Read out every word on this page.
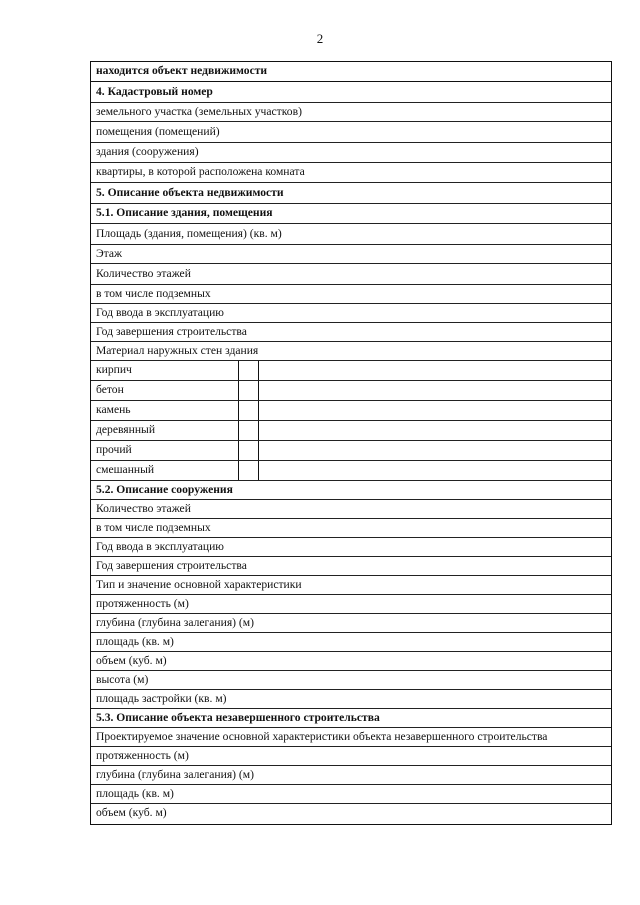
2
находится объект недвижимости
4. Кадастровый номер
земельного участка (земельных участков)
помещения (помещений)
здания (сооружения)
квартиры, в которой расположена комната
5. Описание объекта недвижимости
5.1. Описание здания, помещения
Площадь (здания, помещения) (кв. м)
Этаж
Количество этажей
в том числе подземных
Год ввода в эксплуатацию
Год завершения строительства
Материал наружных стен здания
кирпич
бетон
камень
деревянный
прочий
смешанный
5.2. Описание сооружения
Количество этажей
в том числе подземных
Год ввода в эксплуатацию
Год завершения строительства
Тип и значение основной характеристики
протяженность (м)
глубина (глубина залегания) (м)
площадь (кв. м)
объем (куб. м)
высота (м)
площадь застройки (кв. м)
5.3. Описание объекта незавершенного строительства
Проектируемое значение основной характеристики объекта незавершенного строительства
протяженность (м)
глубина (глубина залегания) (м)
площадь (кв. м)
объем (куб. м)
